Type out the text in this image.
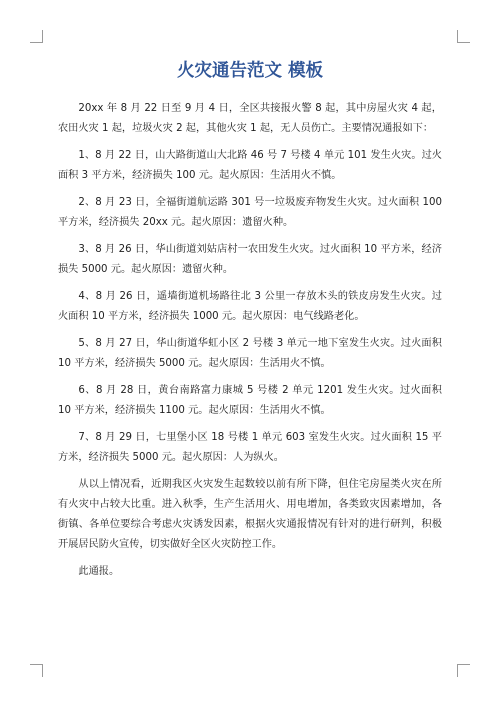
火灾通告范文 模板

20xx 年 8 月 22 日至 9 月 4 日，全区共接报火警 8 起，其中房屋火灾 4 起，农田火灾 1 起，垃圾火灾 2 起，其他火灾 1 起，无人员伤亡。主要情况通报如下：

1、8 月 22 日，山大路街道山大北路 46 号 7 号楼 4 单元 101 发生火灾。过火面积 3 平方米，经济损失 100 元。起火原因：生活用火不慎。

2、8 月 23 日，全福街道航运路 301 号一垃圾废弃物发生火灾。过火面积 100 平方米，经济损失 20xx 元。起火原因：遗留火种。

3、8 月 26 日，华山街道刘姑店村一农田发生火灾。过火面积 10 平方米，经济损失 5000 元。起火原因：遗留火种。

4、8 月 26 日，遥墙街道机场路往北 3 公里一存放木头的铁皮房发生火灾。过火面积 10 平方米，经济损失 1000 元。起火原因：电气线路老化。

5、8 月 27 日，华山街道华虹小区 2 号楼 3 单元一地下室发生火灾。过火面积 10 平方米，经济损失 5000 元。起火原因：生活用火不慎。

6、8 月 28 日，黄台南路富力康城 5 号楼 2 单元 1201 发生火灾。过火面积 10 平方米，经济损失 1100 元。起火原因：生活用火不慎。

7、8 月 29 日，七里堡小区 18 号楼 1 单元 603 室发生火灾。过火面积 15 平方米，经济损失 5000 元。起火原因：人为纵火。

从以上情况看，近期我区火灾发生起数较以前有所下降，但住宅房屋类火灾在所有火灾中占较大比重。进入秋季，生产生活用火、用电增加，各类致灾因素增加，各街镇、各单位要综合考虑火灾诱发因素，根据火灾通报情况有针对的进行研判，积极开展居民防火宣传，切实做好全区火灾防控工作。

此通报。
